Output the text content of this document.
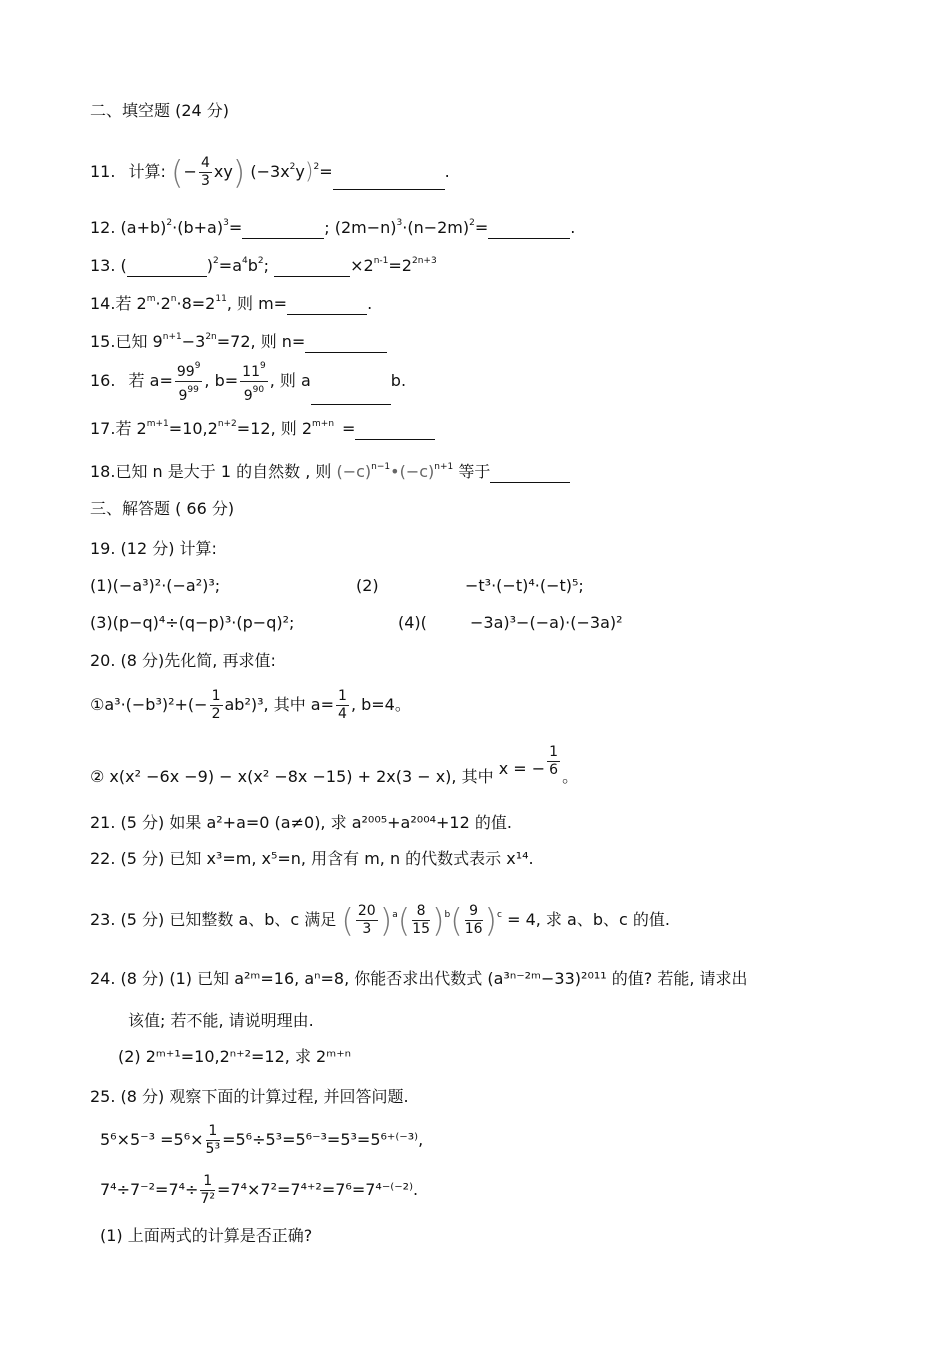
二、填空题 (24 分)
11. 计算: (− $\frac{4}{3} xy$) $(-3x^2y)^2=$	.
12. $(a+b)^2\cdot(b+a)^3=$	; $(2m-n)^3\cdot(n-2m)^2=$	.
13. (	)$^2=a^4b^2$;	$\times 2^{n-1}=2^{2n+3}$
14.若 $2^m\cdot 2^n\cdot 8=2^{11}$, 则 m=	.
15.已知 $9^{n+1}-3^{2n}=72$, 则 n=
16. 若 $a= \frac{99^9}{9^{99}}$ , $b= \frac{11^9}{9^{90}}$ , 则 a	b.
17.若 $2^{m+1}=10,2^{n+2}=12$, 则 $2^{m+n}$ =
18.已知 n 是大于 1 的自然数 , 则 $(-c)^{n-1}•(-c)^{n+1}$ 等于
三、解答题 ( 66 分)
19. (12 分) 计算:
(1)(−a³)²·(−a²)³;	(2)	−t³·(−t)⁴·(−t)⁵;
(3)(p−q)⁴÷(q−p)³·(p−q)²;	(4)(	−3a)³−(−a)·(−3a)²
20. (8 分)先化简, 再求值:
①a³·(−b³)²+(− $\frac{1}{2} ab^2)^3$, 其中 $a= \frac{1}{4}$ , b=4。
② x(x² −6x −9) − x(x² −8x −15) + 2x(3 − x), 其中 x = − $\frac{1}{6}$ 。
21. (5 分) 如果 a²+a=0 (a≠0), 求 a²⁰⁰⁵+a²⁰⁰⁴+12 的值.
22. (5 分) 已知 x³=m, x⁵=n, 用含有 m, n 的代数式表示 x¹⁴.
23. (5 分) 已知整数 a、b、c 满足 ( $\frac{20}{3} )^a( \frac{8}{15} )^b( \frac{9}{16} )^c = 4$, 求 a、b、c 的值.
24. (8 分) (1) 已知 a²ᵐ=16, aⁿ=8, 你能否求出代数式 (a³ⁿ⁻²ᵐ−33)²⁰¹¹ 的值? 若能, 请求出
该值; 若不能, 请说明理由.
(2) 2ᵐ⁺¹=10,2ⁿ⁺²=12, 求 2ᵐ⁺ⁿ
25. (8 分) 观察下面的计算过程, 并回答问题.
$5^6\times 5^{-3} =5^6\times \frac{1}{\text{5³}} =5^6\div 5^3=5^{6-3}=5^3=5^{6+(-3)}$,
$7^4\div 7^{-2}=7^4\div \frac{1}{\text{7²}} =7^4\times 7^2=7^{4+2}=7^6=7^{4-(-2)}$.
(1) 上面两式的计算是否正确?
